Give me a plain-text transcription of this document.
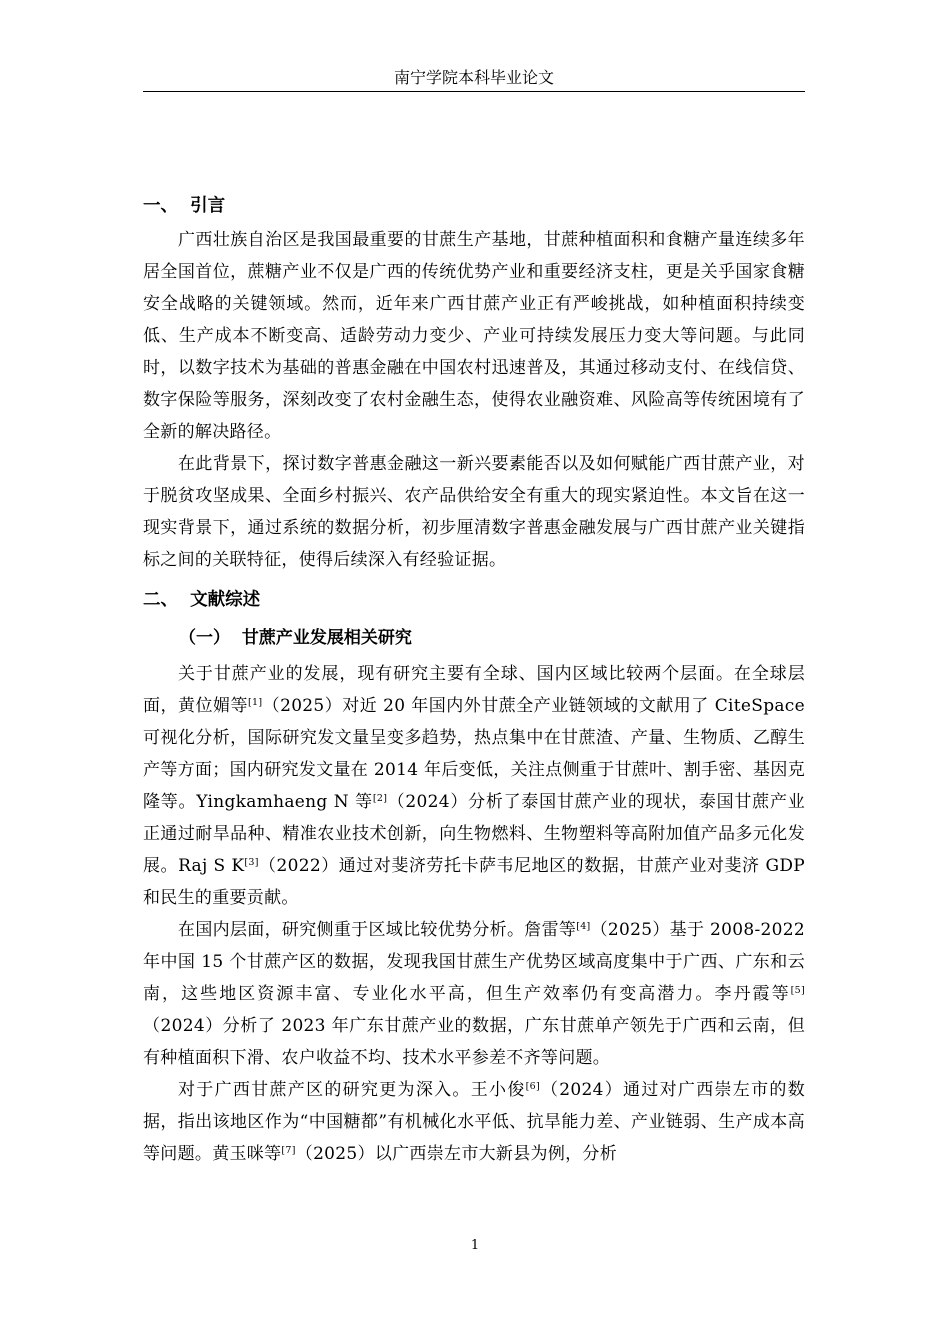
南宁学院本科毕业论文
一、  引言

广西壮族自治区是我国最重要的甘蔗生产基地，甘蔗种植面积和食糖产量连续多年居全国首位，蔗糖产业不仅是广西的传统优势产业和重要经济支柱，更是关乎国家食糖安全战略的关键领域。然而，近年来广西甘蔗产业正有严峻挑战，如种植面积持续变低、生产成本不断变高、适龄劳动力变少、产业可持续发展压力变大等问题。与此同时，以数字技术为基础的普惠金融在中国农村迅速普及，其通过移动支付、在线信贷、数字保险等服务，深刻改变了农村金融生态，使得农业融资难、风险高等传统困境有了全新的解决路径。

在此背景下，探讨数字普惠金融这一新兴要素能否以及如何赋能广西甘蔗产业，对于脱贫攻坚成果、全面乡村振兴、农产品供给安全有重大的现实紧迫性。本文旨在这一现实背景下，通过系统的数据分析，初步厘清数字普惠金融发展与广西甘蔗产业关键指标之间的关联特征，使得后续深入有经验证据。

二、  文献综述
（一）  甘蔗产业发展相关研究

关于甘蔗产业的发展，现有研究主要有全球、国内区域比较两个层面。在全球层面，黄位媚等[1]（2025）对近 20 年国内外甘蔗全产业链领域的文献用了 CiteSpace 可视化分析，国际研究发文量呈变多趋势，热点集中在甘蔗渣、产量、生物质、乙醇生产等方面；国内研究发文量在 2014 年后变低，关注点侧重于甘蔗叶、割手密、基因克隆等。Yingkamhaeng N 等[2]（2024）分析了泰国甘蔗产业的现状，泰国甘蔗产业正通过耐旱品种、精准农业技术创新，向生物燃料、生物塑料等高附加值产品多元化发展。Raj S K[3]（2022）通过对斐济劳托卡萨韦尼地区的数据，甘蔗产业对斐济 GDP 和民生的重要贡献。

在国内层面，研究侧重于区域比较优势分析。詹雷等[4]（2025）基于 2008-2022 年中国 15 个甘蔗产区的数据，发现我国甘蔗生产优势区域高度集中于广西、广东和云南，这些地区资源丰富、专业化水平高，但生产效率仍有变高潜力。李丹霞等[5]（2024）分析了 2023 年广东甘蔗产业的数据，广东甘蔗单产领先于广西和云南，但有种植面积下滑、农户收益不均、技术水平参差不齐等问题。

对于广西甘蔗产区的研究更为深入。王小俊[6]（2024）通过对广西崇左市的数据，指出该地区作为“中国糖都”有机械化水平低、抗旱能力差、产业链弱、生产成本高等问题。黄玉咪等[7]（2025）以广西崇左市大新县为例，分析

1
